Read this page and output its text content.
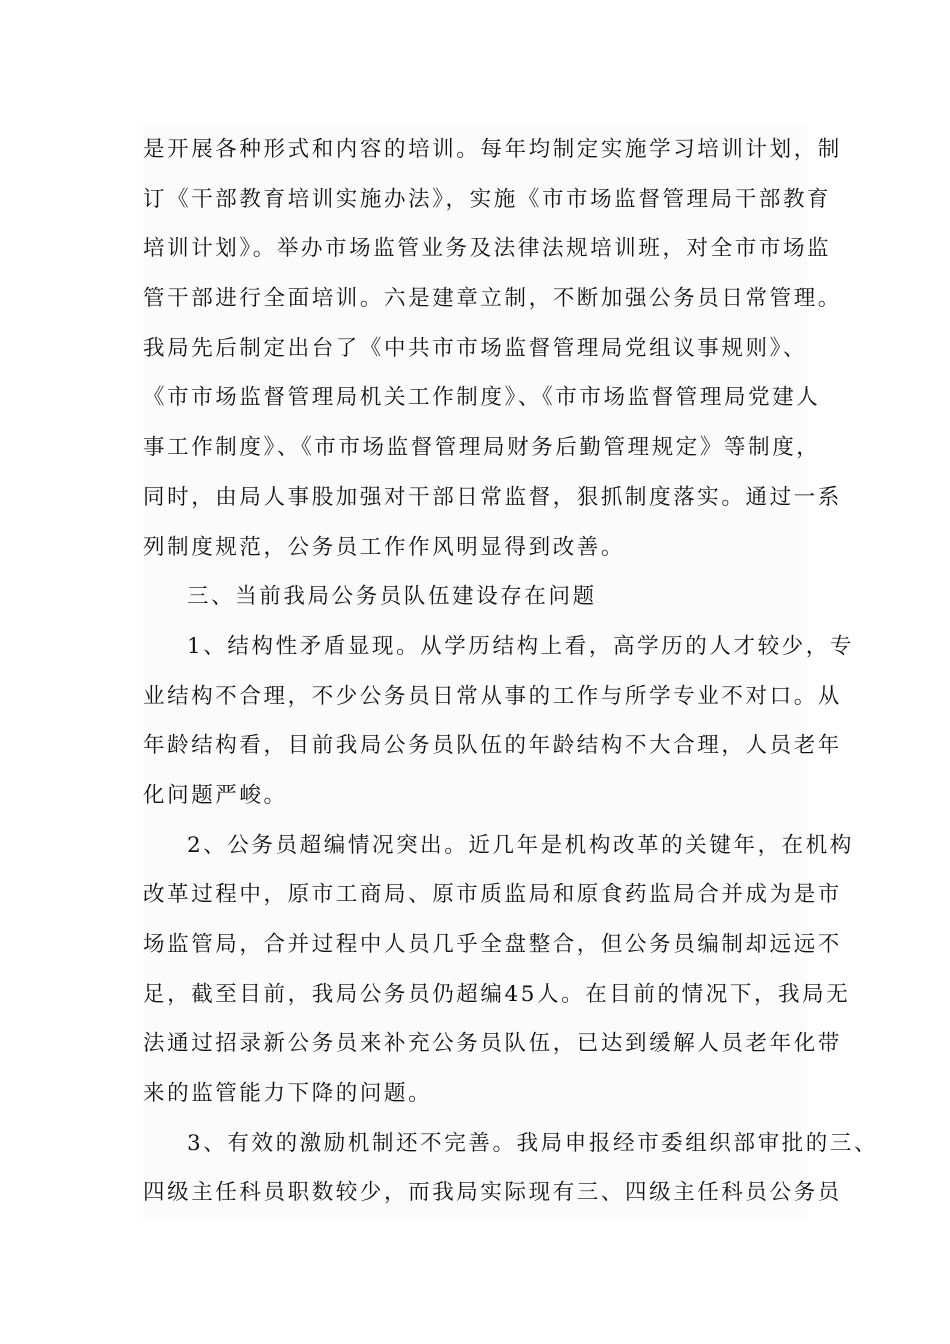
是开展各种形式和内容的培训。每年均制定实施学习培训计划，制
订《干部教育培训实施办法》，实施《市市场监督管理局干部教育
培训计划》。举办市场监管业务及法律法规培训班，对全市市场监
管干部进行全面培训。六是建章立制，不断加强公务员日常管理。
我局先后制定出台了《中共市市场监督管理局党组议事规则》、
《市市场监督管理局机关工作制度》、《市市场监督管理局党建人
事工作制度》、《市市场监督管理局财务后勤管理规定》等制度，
同时，由局人事股加强对干部日常监督，狠抓制度落实。通过一系
列制度规范，公务员工作作风明显得到改善。
三、当前我局公务员队伍建设存在问题
1、结构性矛盾显现。从学历结构上看，高学历的人才较少，专
业结构不合理，不少公务员日常从事的工作与所学专业不对口。从
年龄结构看，目前我局公务员队伍的年龄结构不大合理，人员老年
化问题严峻。
2、公务员超编情况突出。近几年是机构改革的关键年，在机构
改革过程中，原市工商局、原市质监局和原食药监局合并成为是市
场监管局，合并过程中人员几乎全盘整合，但公务员编制却远远不
足，截至目前，我局公务员仍超编45人。在目前的情况下，我局无
法通过招录新公务员来补充公务员队伍，已达到缓解人员老年化带
来的监管能力下降的问题。
3、有效的激励机制还不完善。我局申报经市委组织部审批的三、
四级主任科员职数较少，而我局实际现有三、四级主任科员公务员
